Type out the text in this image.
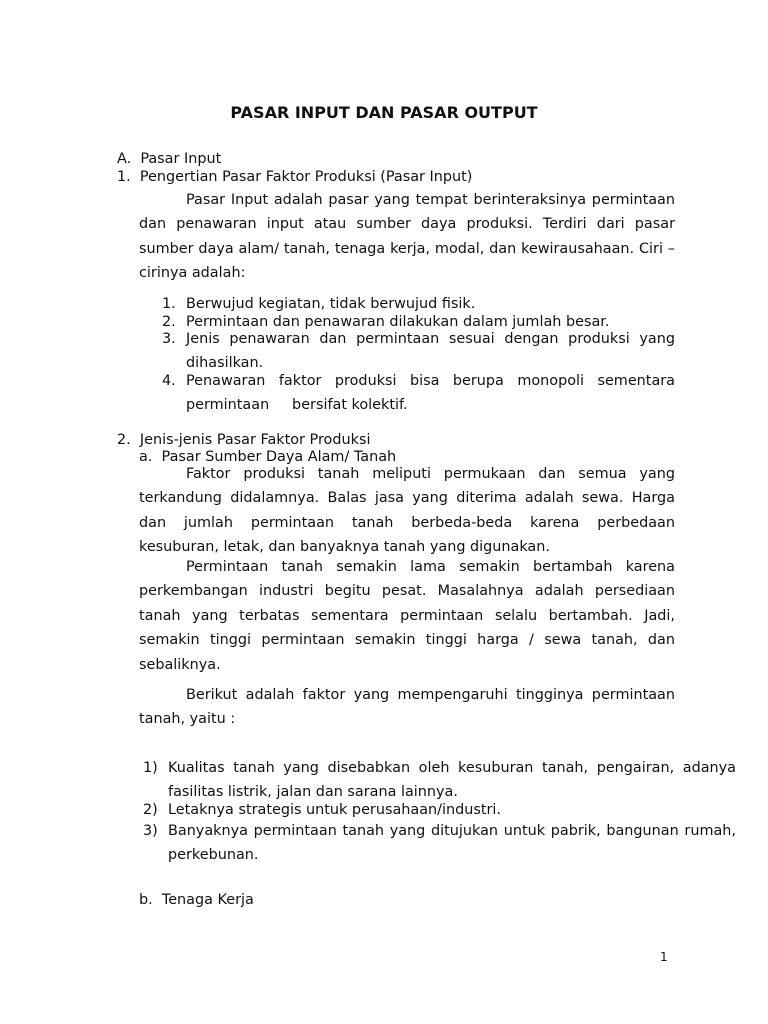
PASAR INPUT DAN PASAR OUTPUT
A.  Pasar Input
1.  Pengertian Pasar Faktor Produksi (Pasar Input)

Pasar Input adalah pasar yang tempat berinteraksinya permintaan dan penawaran input atau sumber daya produksi. Terdiri dari pasar sumber daya alam/ tanah, tenaga kerja, modal, dan kewirausahaan. Ciri – cirinya adalah:

1. Berwujud kegiatan, tidak berwujud fisik.
2. Permintaan dan penawaran dilakukan dalam jumlah besar.
3. Jenis penawaran dan permintaan sesuai dengan produksi yang dihasilkan.

4. Penawaran faktor produksi bisa berupa monopoli sementara permintaan     bersifat kolektif.

2.  Jenis-jenis Pasar Faktor Produksi
a.  Pasar Sumber Daya Alam/ Tanah

Faktor produksi tanah meliputi permukaan dan semua yang terkandung didalamnya. Balas jasa yang diterima adalah sewa. Harga dan jumlah permintaan tanah berbeda-beda karena perbedaan kesuburan, letak, dan banyaknya tanah yang digunakan.

Permintaan tanah semakin lama semakin bertambah karena perkembangan industri begitu pesat. Masalahnya adalah persediaan tanah yang terbatas sementara permintaan selalu bertambah. Jadi, semakin tinggi permintaan semakin tinggi harga / sewa tanah, dan sebaliknya.

Berikut adalah faktor yang mempengaruhi tingginya permintaan tanah, yaitu :

1) Kualitas tanah yang disebabkan oleh kesuburan tanah, pengairan, adanya fasilitas listrik, jalan dan sarana lainnya.

2) Letaknya strategis untuk perusahaan/industri.
3) Banyaknya permintaan tanah yang ditujukan untuk pabrik, bangunan rumah, perkebunan.

b.  Tenaga Kerja
1
